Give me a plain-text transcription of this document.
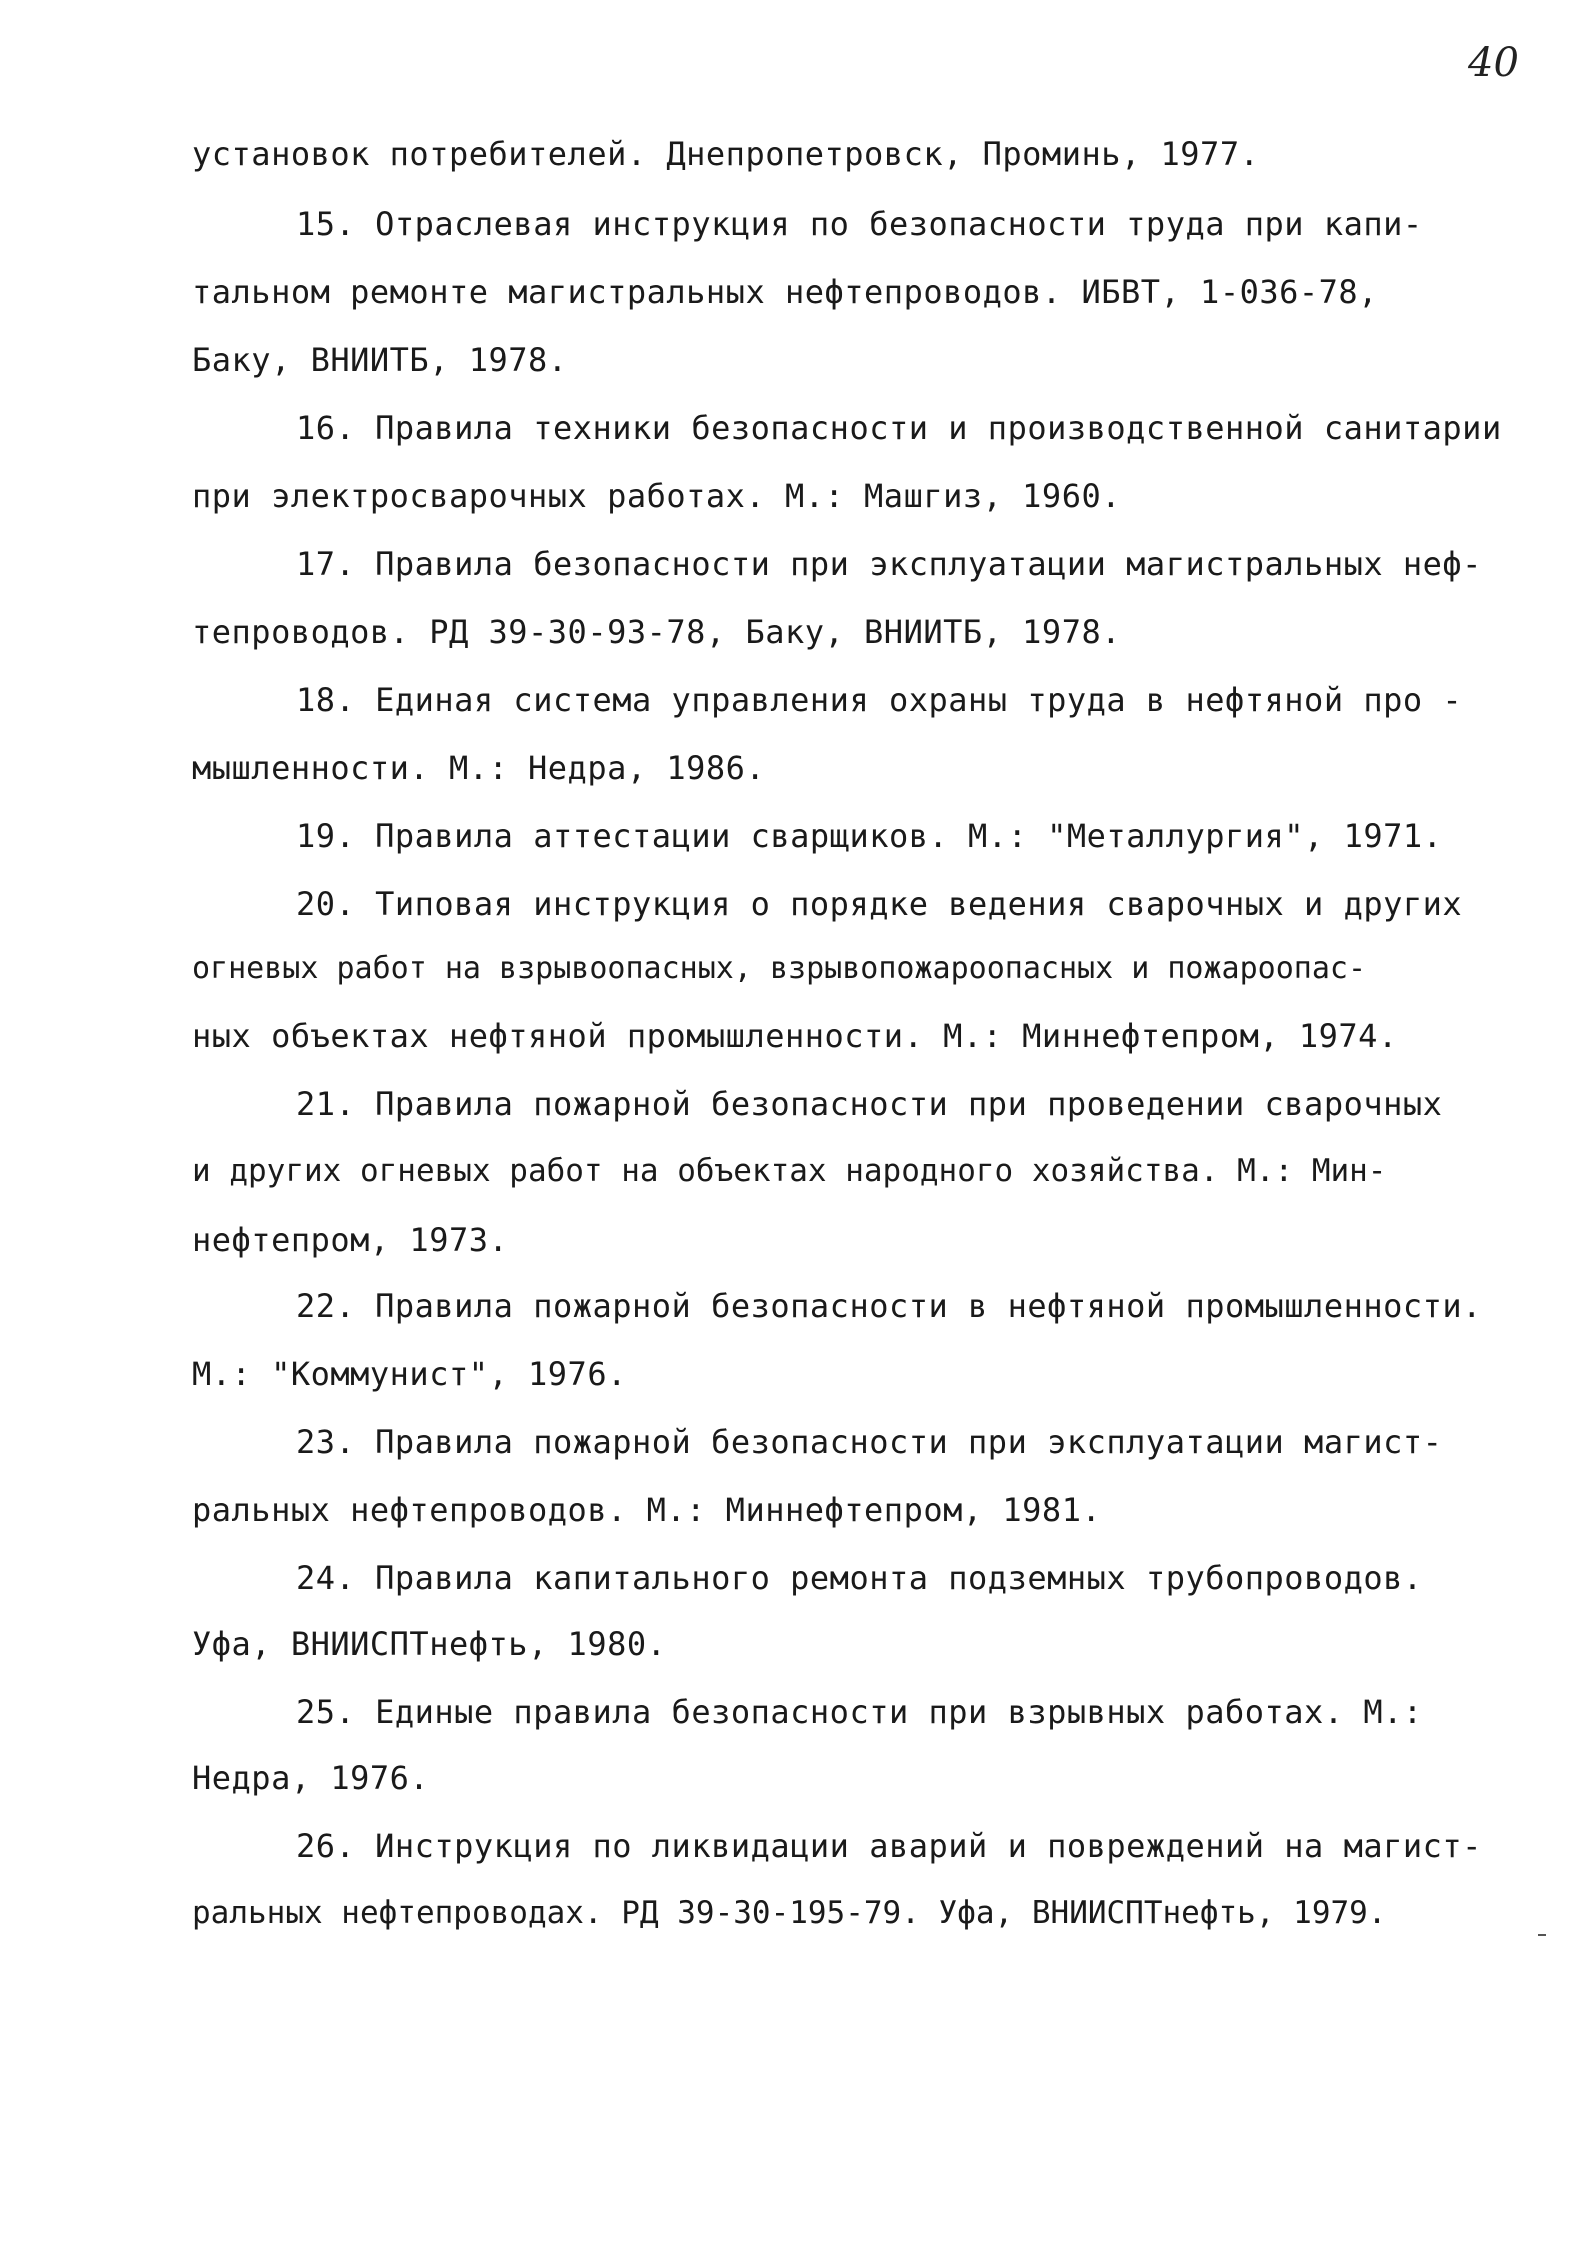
40
установок потребителей. Днепропетровск, Проминь, 1977.
15. Отраслевая инструкция по безопасности труда при капи-
тальном ремонте магистральных нефтепроводов. ИБВТ, 1-036-78,
Баку, ВНИИТБ, 1978.
16. Правила техники безопасности и производственной санитарии
при электросварочных работах. М.: Машгиз, 1960.
17. Правила безопасности при эксплуатации магистральных неф-
тепроводов. РД 39-30-93-78, Баку, ВНИИТБ, 1978.
18. Единая система управления охраны труда в нефтяной про -
мышленности. М.: Недра, 1986.
19. Правила аттестации сварщиков. М.: "Металлургия", 1971.
20. Типовая инструкция о порядке ведения сварочных и других
огневых работ на взрывоопасных, взрывопожароопасных и пожароопас-
ных объектах нефтяной промышленности. М.: Миннефтепром, 1974.
21. Правила пожарной безопасности при проведении сварочных
и других огневых работ на объектах народного хозяйства. М.: Мин-
нефтепром, 1973.
22. Правила пожарной безопасности в нефтяной промышленности.
М.: "Коммунист", 1976.
23. Правила пожарной безопасности при эксплуатации магист-
ральных нефтепроводов. М.: Миннефтепром, 1981.
24. Правила капитального ремонта подземных трубопроводов.
Уфа, ВНИИСПТнефть, 1980.
25. Единые правила безопасности при взрывных работах. М.:
Недра, 1976.
26. Инструкция по ликвидации аварий и повреждений на магист-
ральных нефтепроводах. РД 39-30-195-79. Уфа, ВНИИСПТнефть, 1979.
